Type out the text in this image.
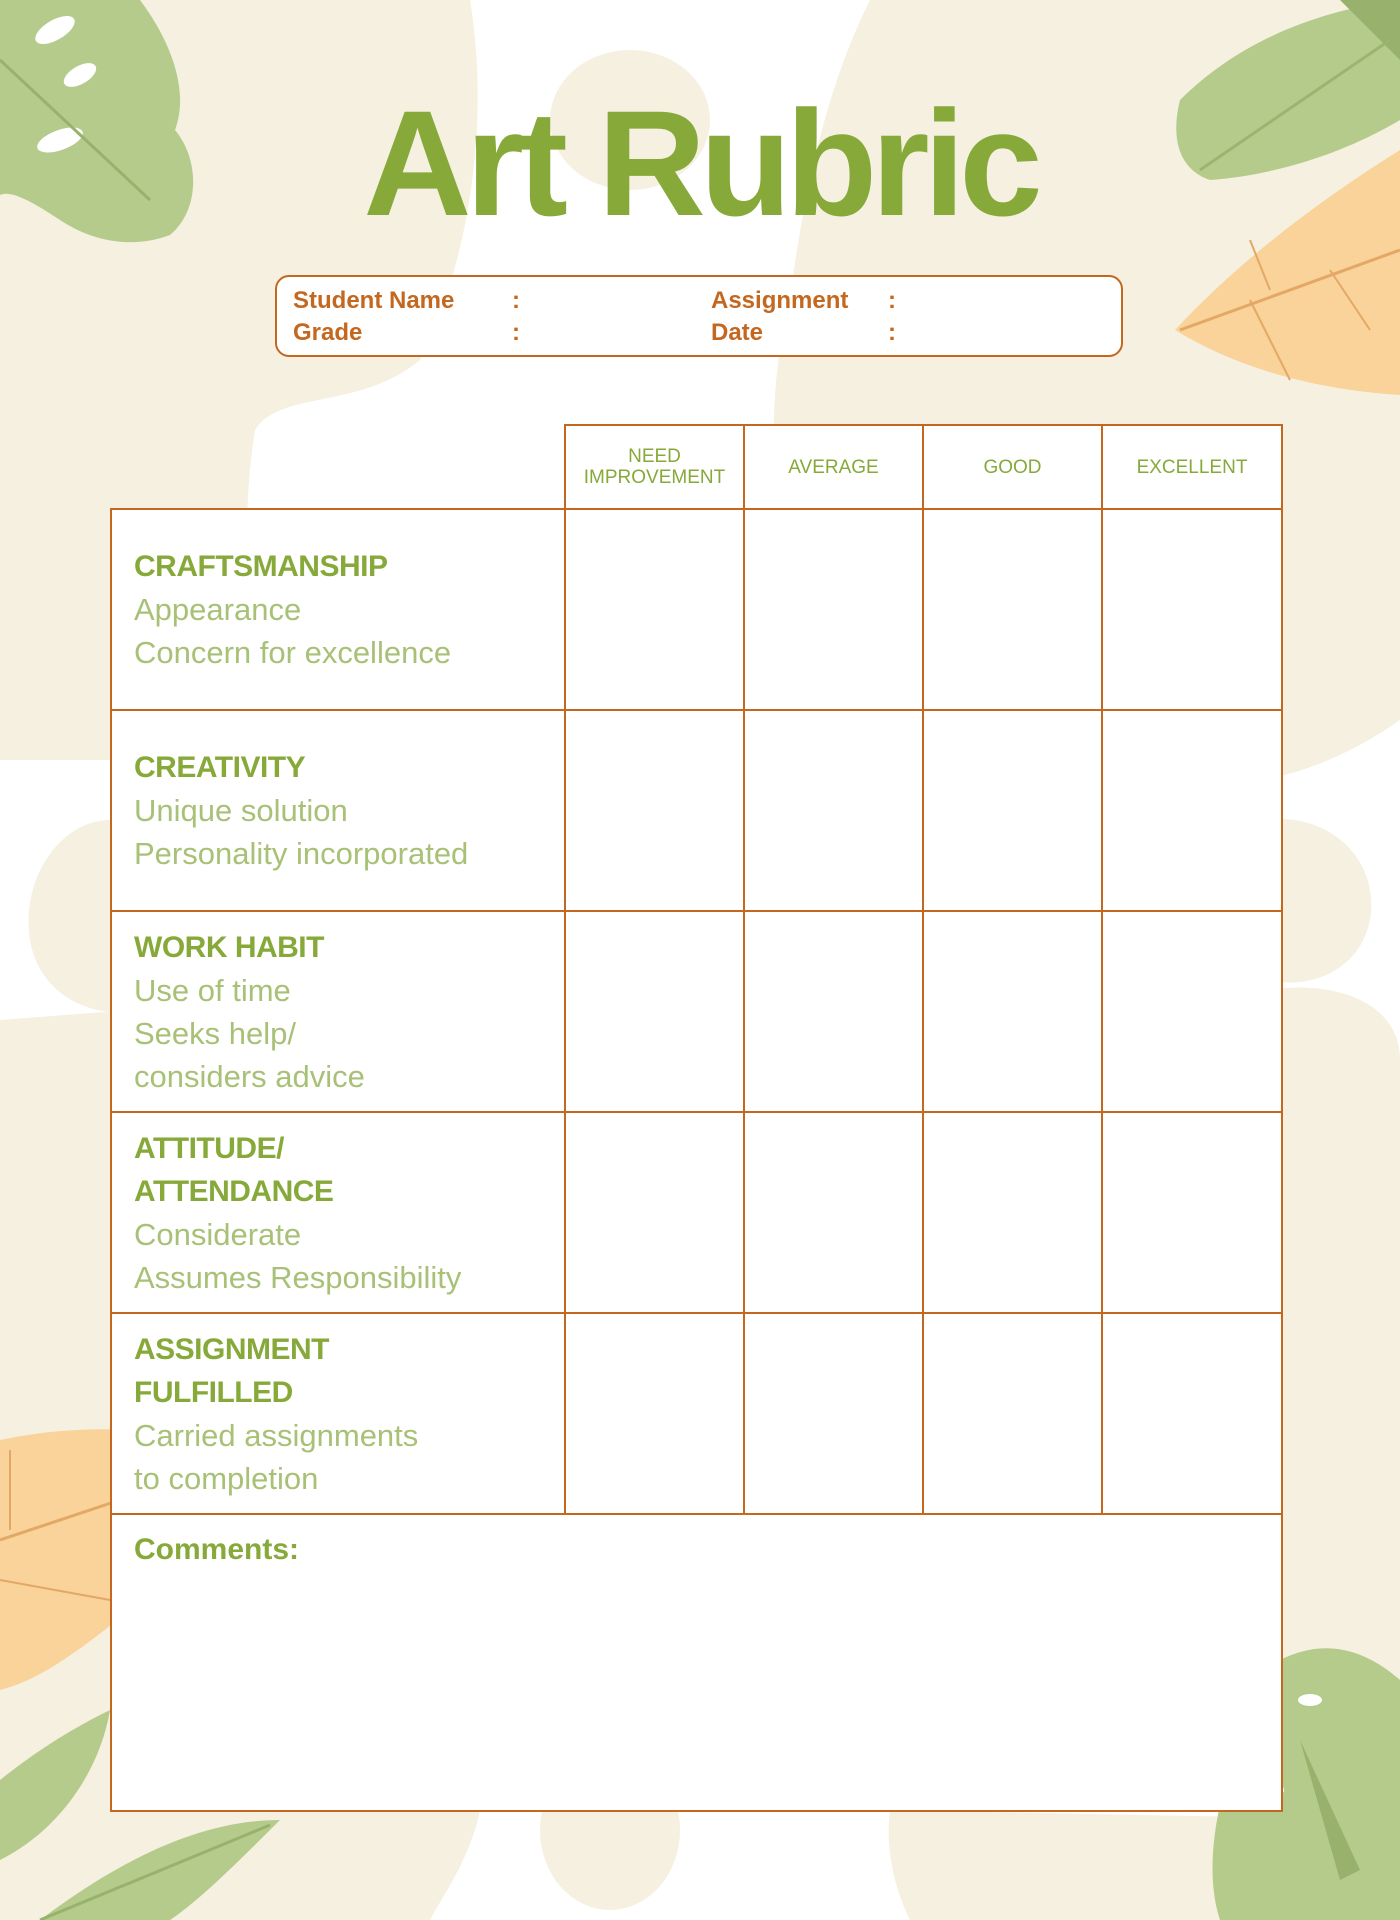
Art Rubric
Student Name :
Grade	:
Assignment :
Date	:
NEED IMPROVEMENT	AVERAGE	GOOD	EXCELLENT
CRAFTSMANSHIP
Appearance
Concern for excellence
CREATIVITY
Unique solution
Personality incorporated
WORK HABIT
Use of time
Seeks help/
considers advice
ATTITUDE/
ATTENDANCE
Considerate
Assumes Responsibility
ASSIGNMENT
FULFILLED
Carried assignments
to completion
Comments:
